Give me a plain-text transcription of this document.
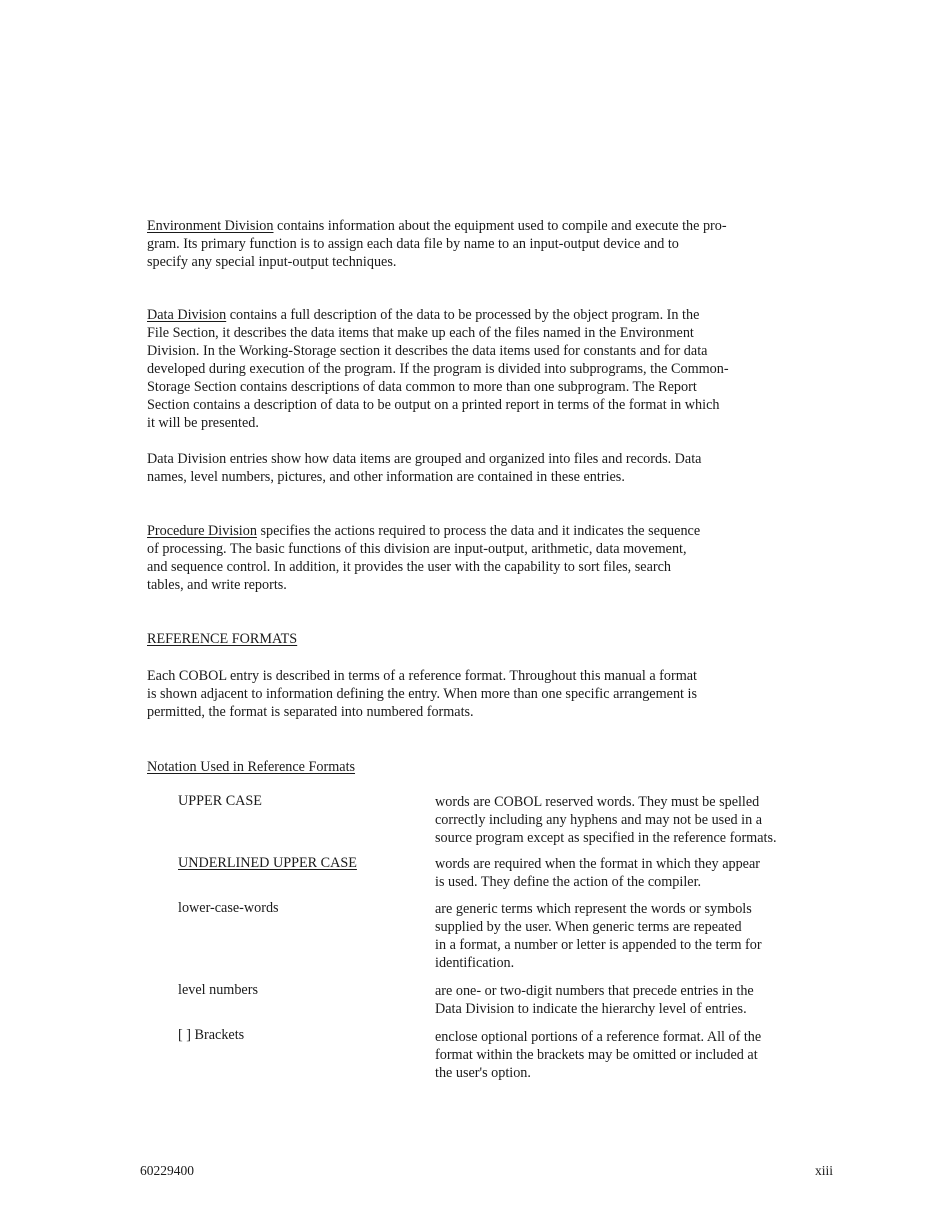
Environment Division contains information about the equipment used to compile and execute the pro-
gram. Its primary function is to assign each data file by name to an input-output device and to
specify any special input-output techniques.

Data Division contains a full description of the data to be processed by the object program. In the
File Section, it describes the data items that make up each of the files named in the Environment
Division. In the Working-Storage section it describes the data items used for constants and for data
developed during execution of the program. If the program is divided into subprograms, the Common-
Storage Section contains descriptions of data common to more than one subprogram. The Report
Section contains a description of data to be output on a printed report in terms of the format in which
it will be presented.

Data Division entries show how data items are grouped and organized into files and records. Data
names, level numbers, pictures, and other information are contained in these entries.

Procedure Division specifies the actions required to process the data and it indicates the sequence
of processing. The basic functions of this division are input-output, arithmetic, data movement,
and sequence control. In addition, it provides the user with the capability to sort files, search
tables, and write reports.

REFERENCE FORMATS

Each COBOL entry is described in terms of a reference format. Throughout this manual a format
is shown adjacent to information defining the entry. When more than one specific arrangement is
permitted, the format is separated into numbered formats.

Notation Used in Reference Formats

UPPER CASE	words are COBOL reserved words. They must be spelled
correctly including any hyphens and may not be used in a
source program except as specified in the reference formats.

UNDERLINED UPPER CASE	words are required when the format in which they appear
is used. They define the action of the compiler.

lower-case-words	are generic terms which represent the words or symbols
supplied by the user. When generic terms are repeated
in a format, a number or letter is appended to the term for
identification.

level numbers	are one- or two-digit numbers that precede entries in the
Data Division to indicate the hierarchy level of entries.

[ ] Brackets	enclose optional portions of a reference format. All of the
format within the brackets may be omitted or included at
the user's option.

60229400	xiii
